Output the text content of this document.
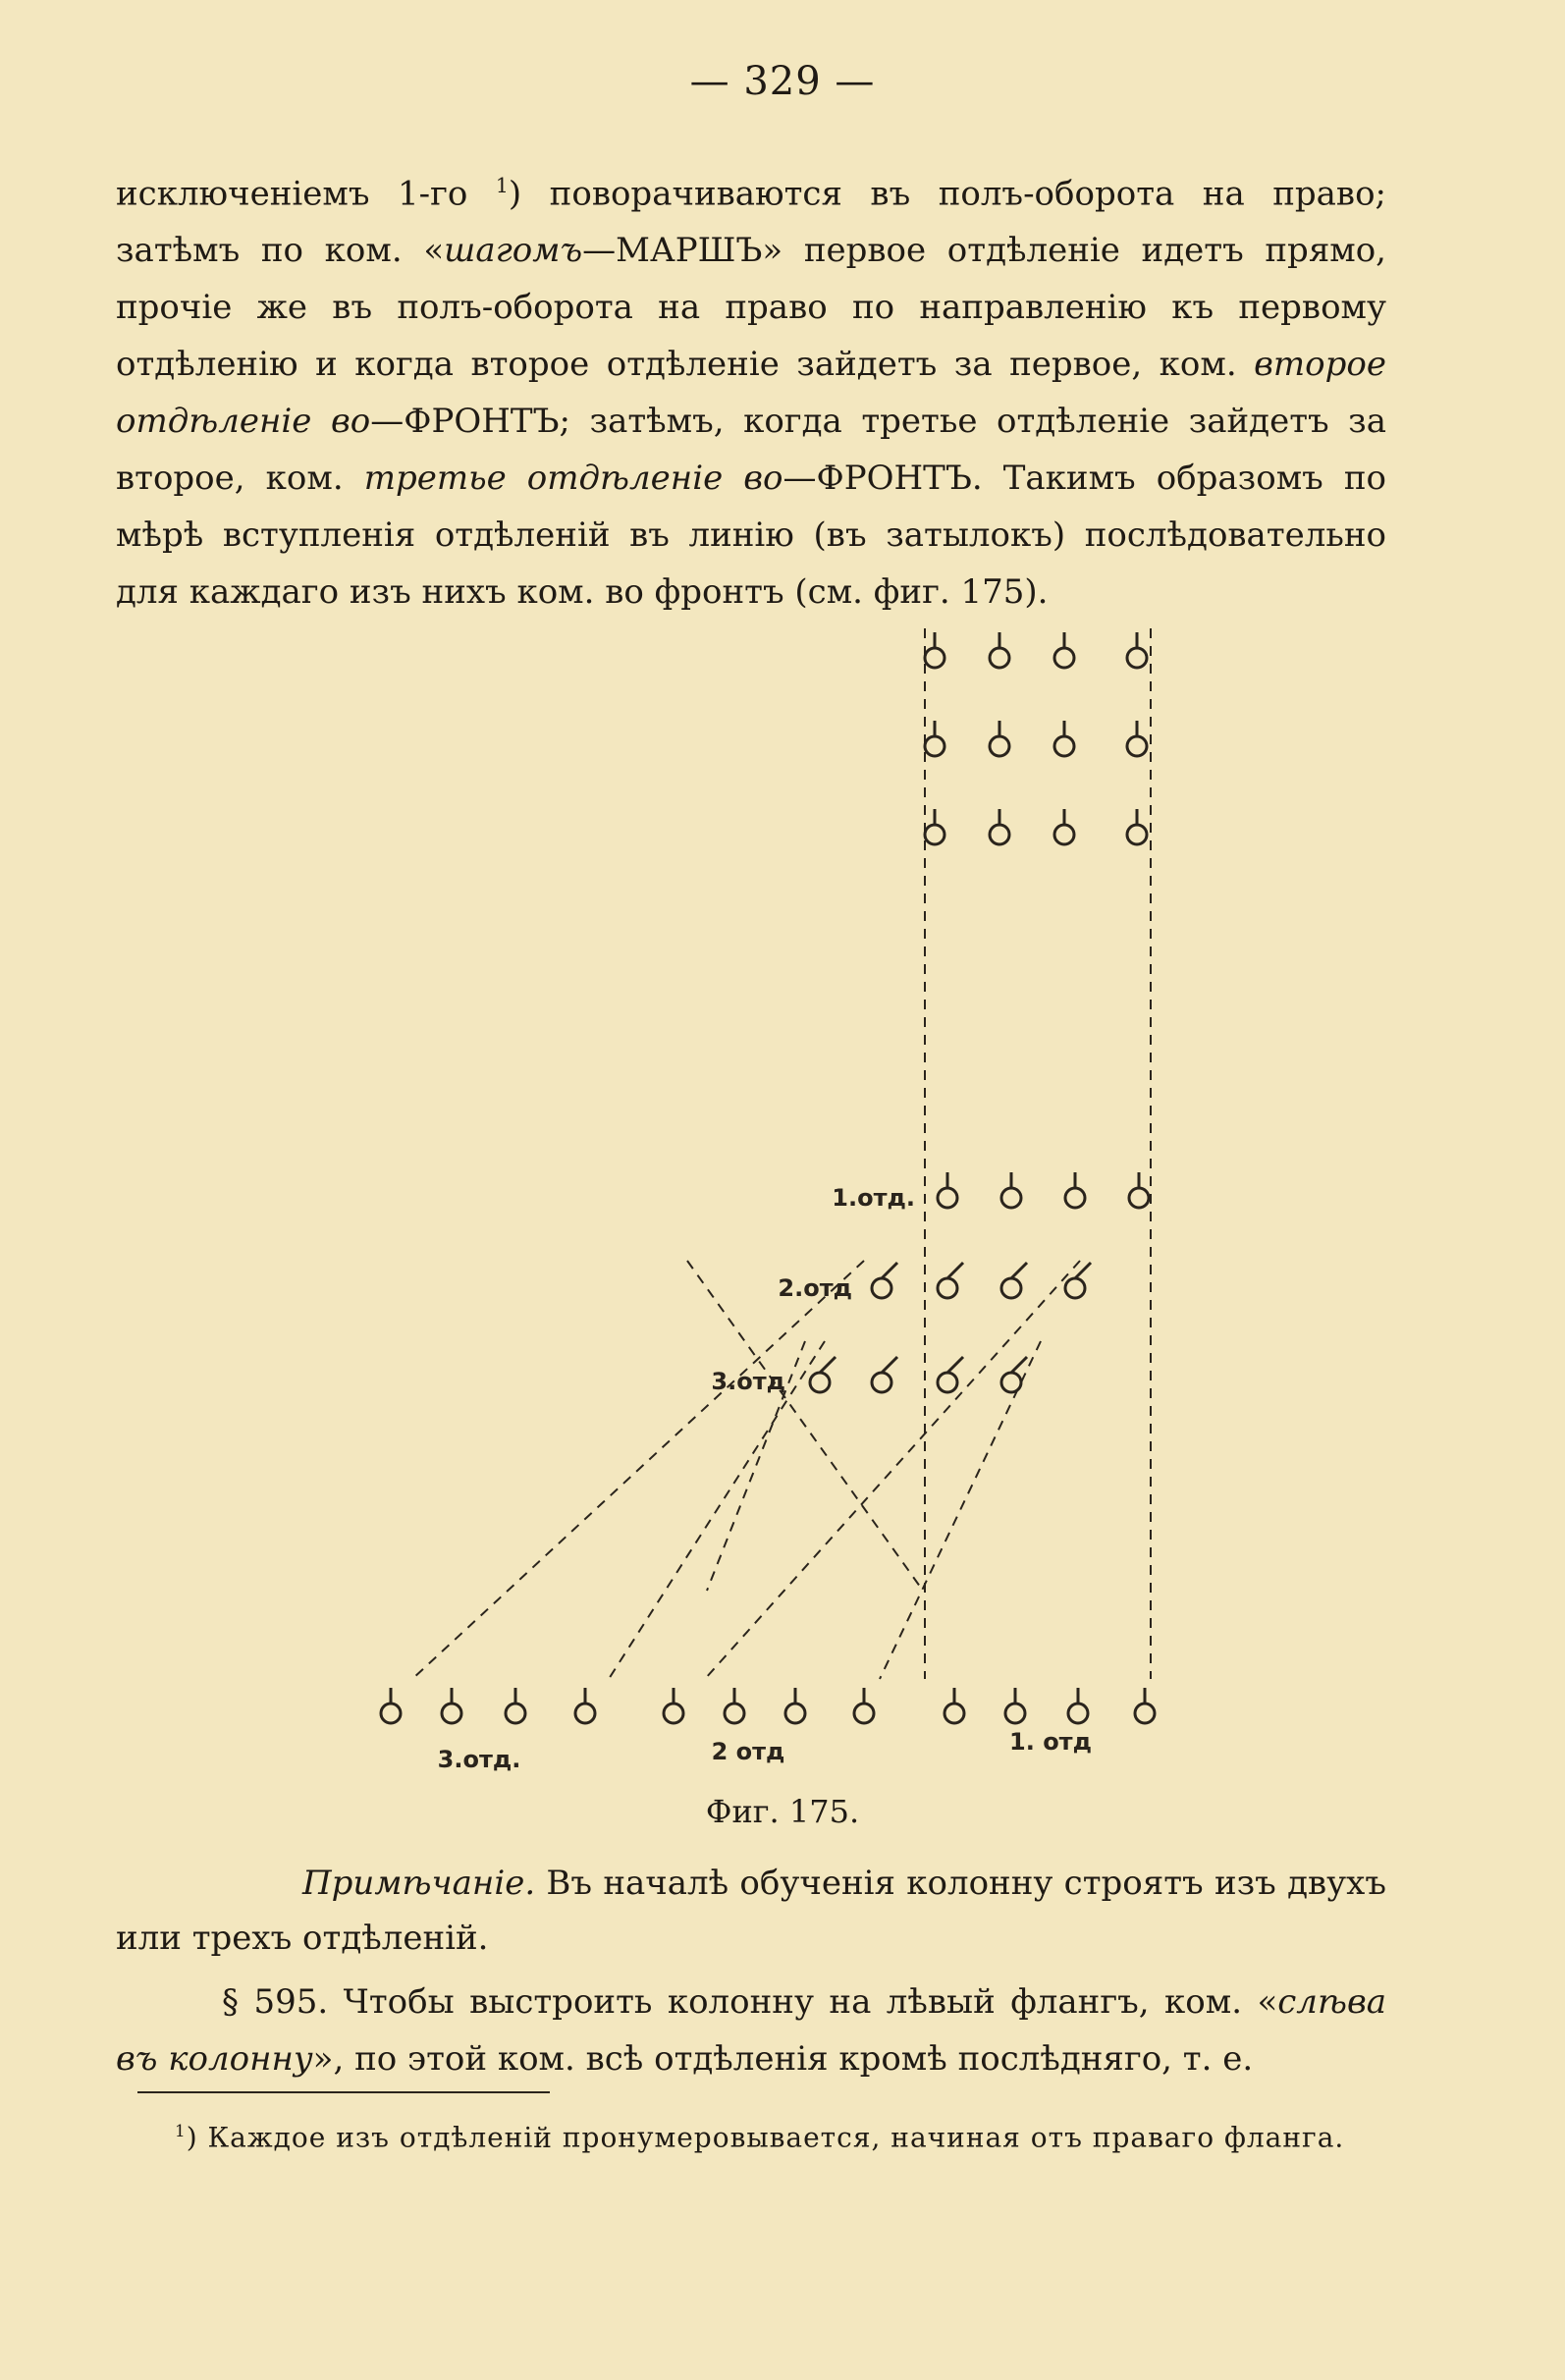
— 329 —
исключеніемъ 1-го $^1$) поворачиваются въ полъ-оборота на право; затѣмъ по ком. «шагомъ—МАРШЪ» первое отдѣленіе идетъ прямо, прочіе же въ полъ-оборота на право по направленію къ первому отдѣленію и когда второе отдѣленіе зайдетъ за первое, ком. второе отдѣленіе во—ФРОНТЪ; затѣмъ, когда третье отдѣленіе зайдетъ за второе, ком. третье отдѣленіе во—ФРОНТЪ. Такимъ образомъ по мѣрѣ вступленія отдѣленій въ линію (въ затылокъ) послѣдовательно для каждаго изъ нихъ ком. во фронтъ (см. фиг. 175).
1.отд.
2.отд
3.отд
3.отд.	2 отд	1. отд
Фиг. 175.
Примѣчаніе. Въ началѣ обученія колонну строятъ изъ двухъ или трехъ отдѣленій.
§ 595. Чтобы выстроить колонну на лѣвый флангъ, ком. «слѣва въ колонну», по этой ком. всѣ отдѣленія кромѣ послѣдняго, т. е.
$^1$) Каждое изъ отдѣленій пронумеровывается, начиная отъ праваго фланга.
